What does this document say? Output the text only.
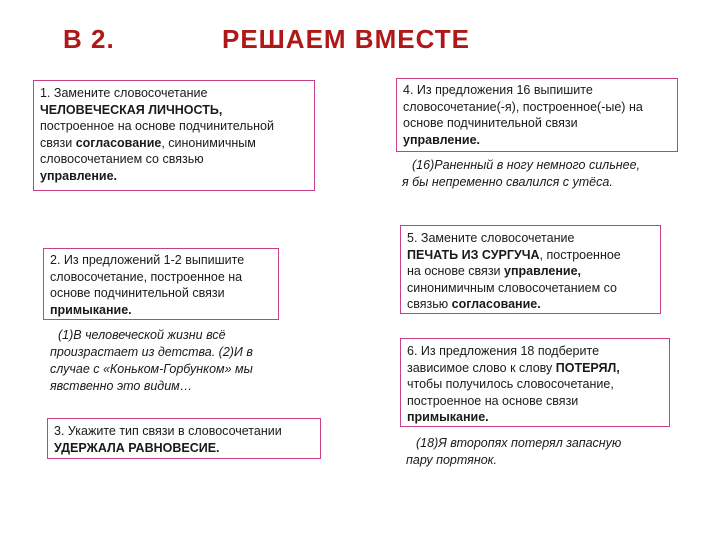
В 2.	РЕШАЕМ ВМЕСТЕ
1. Замените словосочетание
ЧЕЛОВЕЧЕСКАЯ ЛИЧНОСТЬ,
построенное на основе подчинительной
связи согласование, синонимичным
словосочетанием со связью
управление.
2. Из предложений 1-2 выпишите
словосочетание, построенное на
основе подчинительной связи
примыкание.
(1)В человеческой жизни всё
произрастает из детства. (2)И в
случае с «Коньком-Горбунком» мы
явственно это видим…
3. Укажите тип связи в словосочетании
УДЕРЖАЛА РАВНОВЕСИЕ.
4. Из предложения 16 выпишите
словосочетание(-я), построенное(-ые) на
основе подчинительной связи
управление.
(16)Раненный в ногу немного сильнее,
я бы непременно свалился с утёса.
5. Замените словосочетание
ПЕЧАТЬ ИЗ СУРГУЧА, построенное
на основе связи управление,
синонимичным словосочетанием со
связью согласование.
6. Из предложения 18 подберите
зависимое слово к слову ПОТЕРЯЛ,
чтобы получилось словосочетание,
построенное на основе связи
примыкание.
(18)Я второпях потерял запасную
пару портянок.
